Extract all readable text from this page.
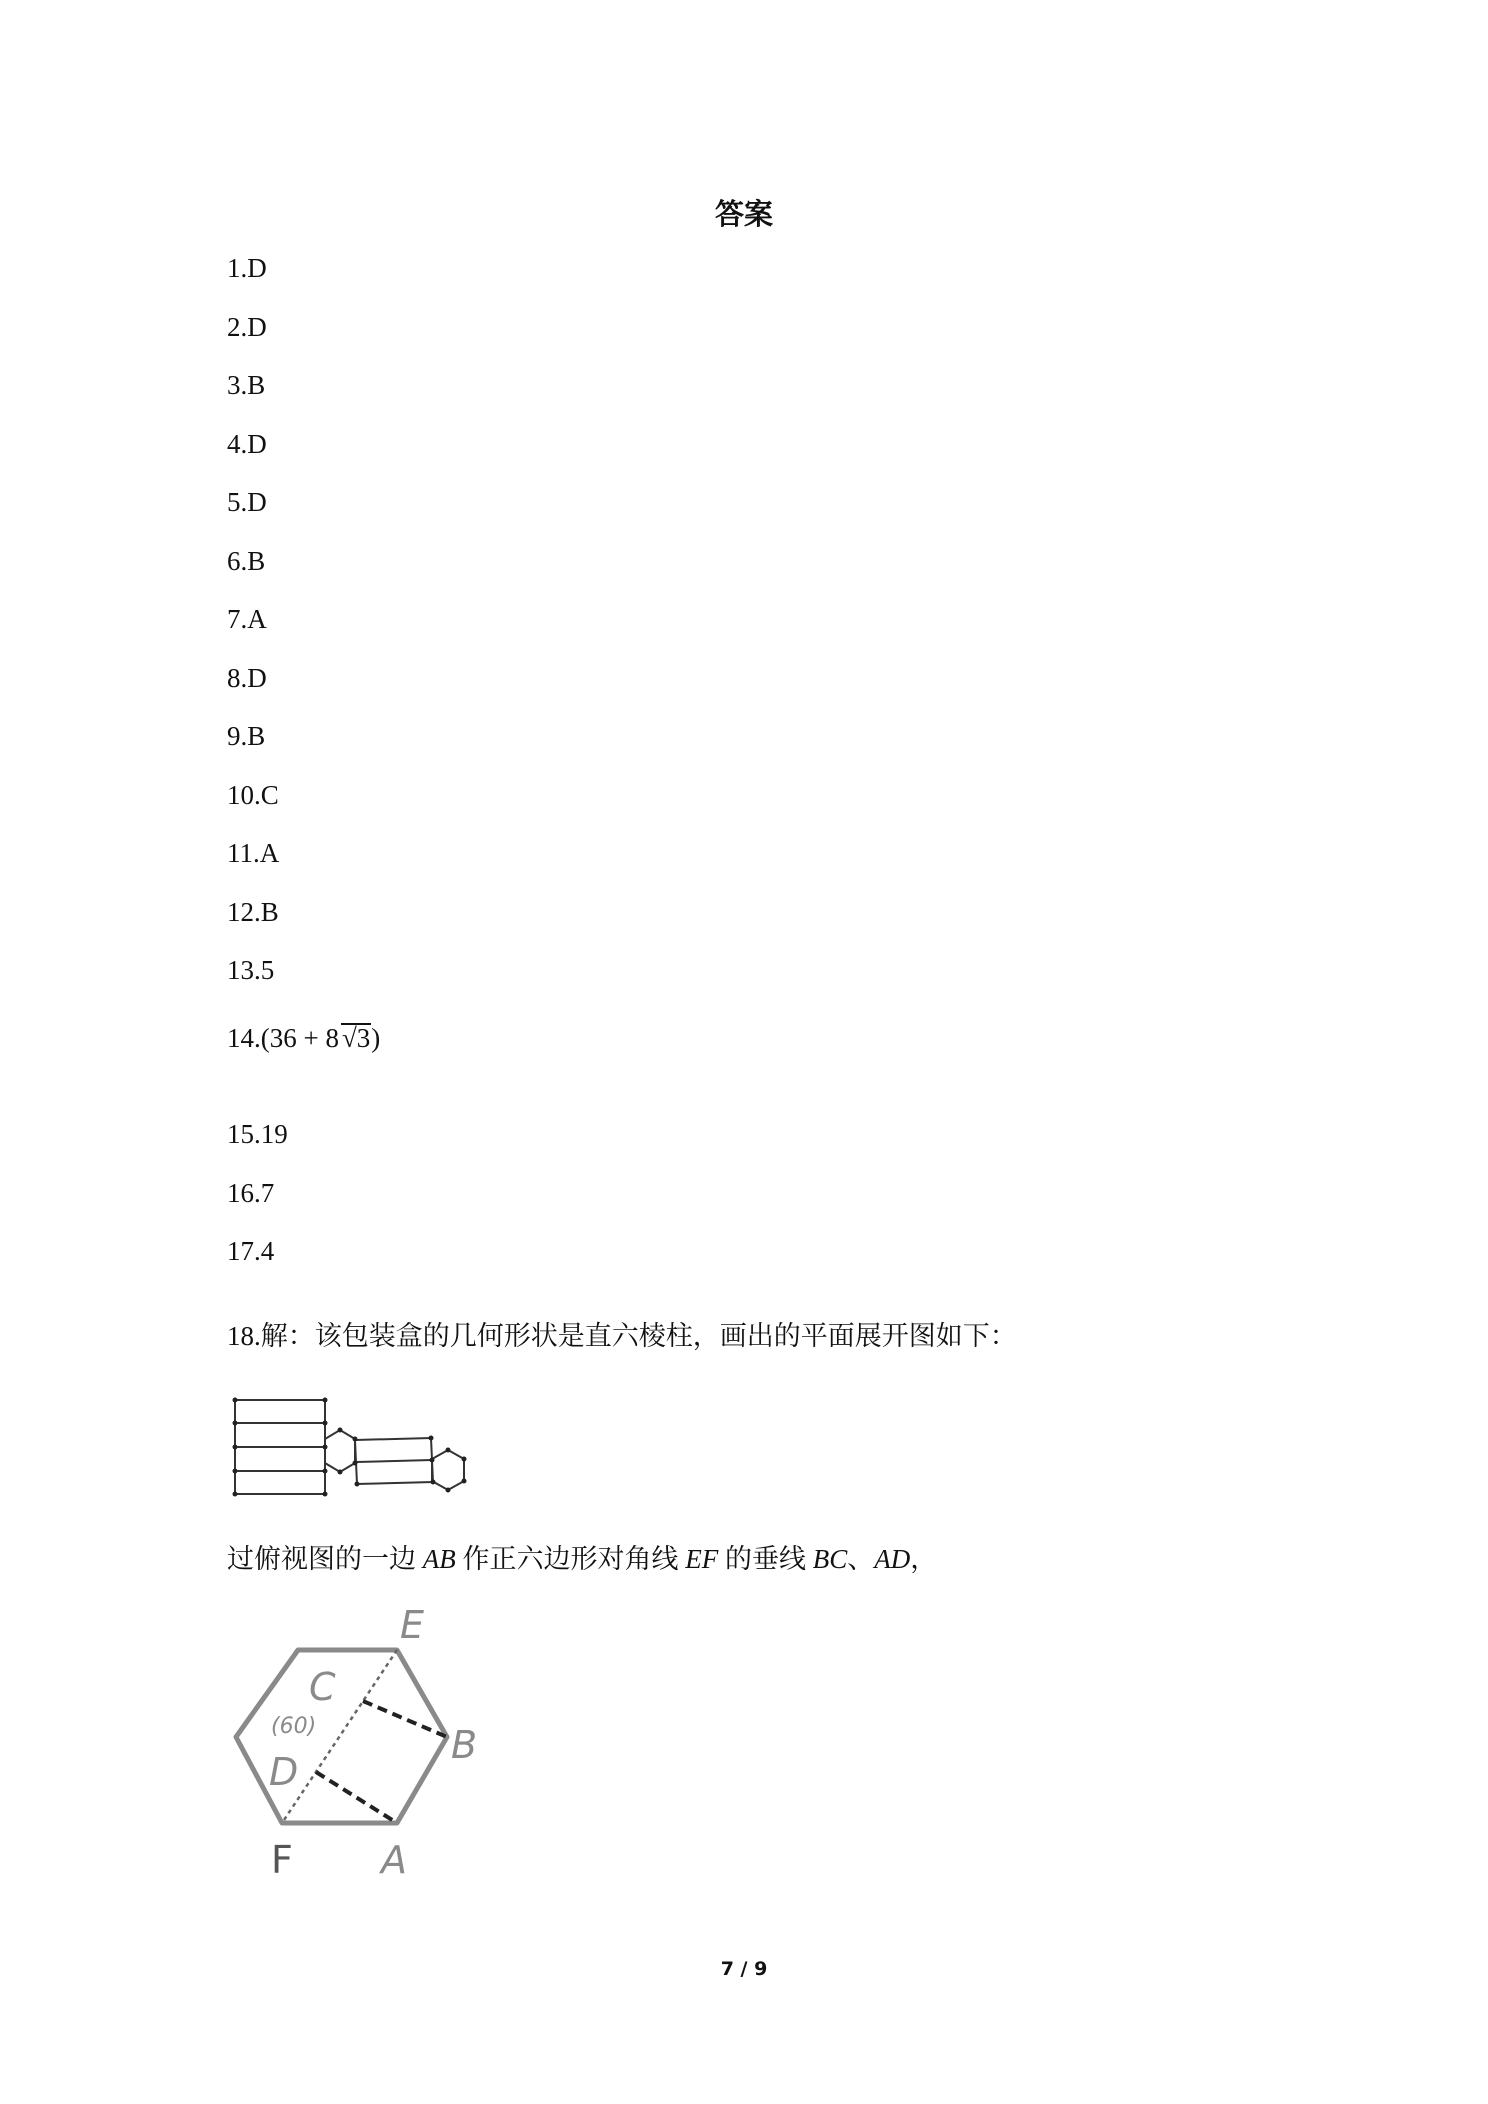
答案
1.D
2.D
3.B
4.D
5.D
6.B
7.A
8.D
9.B
10.C
11.A
12.B
13.5
14.(36 + 8 √3)
15.19
16.7
17.4
18.解：该包装盒的几何形状是直六棱柱，画出的平面展开图如下：
过俯视图的一边 AB 作正六边形对角线 EF 的垂线 BC、AD，
E
C
B
(60)
D
F A
7 / 9
